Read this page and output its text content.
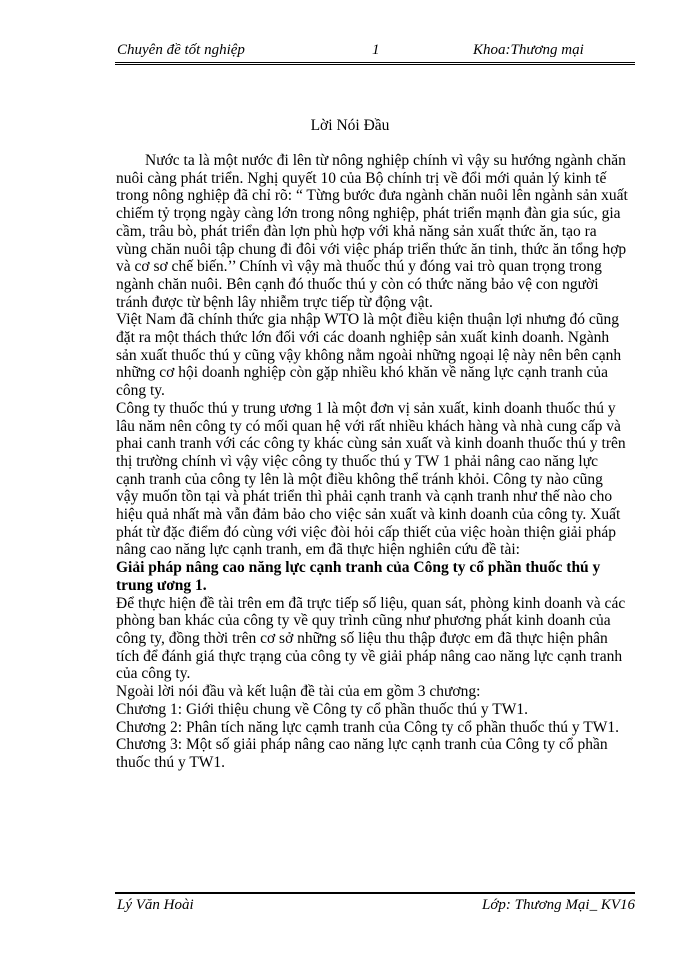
Chuyên đề tốt nghiệp	1	Khoa:Thương mại
Lời Nói Đầu

Nước ta là một nước đi lên từ nông nghiệp chính vì vậy su hướng ngành chăn nuôi càng phát triển. Nghị quyết 10 của Bộ chính trị về đổi mới quản lý kinh tế trong nông nghiệp đã chỉ rõ: “ Từng bước đưa ngành chăn nuôi lên ngành sản xuất chiếm tỷ trọng ngày càng lớn trong nông nghiệp, phát triển mạnh đàn gia súc, gia cầm, trâu bò, phát triển đàn lợn phù hợp với khả năng sản xuất thức ăn, tạo ra vùng chăn nuôi tập chung đi đôi với việc pháp triển thức ăn tinh, thức ăn tổng hợp và cơ sơ chế biến.’’ Chính vì vậy mà thuốc thú y đóng vai trò quan trọng trong ngành chăn nuôi. Bên cạnh đó thuốc thú y còn có thức năng bảo vệ con người tránh được từ bệnh lây nhiễm trực tiếp từ động vật.

Việt Nam đã chính thức gia nhập WTO là một điều kiện thuận lợi nhưng đó cũng đặt ra một thách thức lớn đối với các doanh nghiệp sản xuất kinh doanh. Ngành sản xuất thuốc thú y cũng vậy không nằm ngoài những ngoại lệ này nên bên cạnh những cơ hội doanh nghiệp còn gặp nhiều khó khăn về năng lực cạnh tranh của công ty.

Công ty thuốc thú y trung ương 1 là một đơn vị sản xuất, kinh doanh thuốc thú y lâu năm nên công ty có mối quan hệ với rất nhiều khách hàng và nhà cung cấp và phai canh tranh với các công ty khác cùng sản xuất và kinh doanh thuốc thú y trên thị trường chính vì vậy việc công ty thuốc thú y TW 1 phải nâng cao năng lực cạnh tranh của công ty lên là một điều không thể tránh khỏi. Công ty nào cũng vậy muốn tồn tại và phát triển thì phải cạnh tranh và cạnh tranh như thế nào cho hiệu quả nhất mà vẫn đảm bảo cho việc sản xuất và kinh doanh của công ty. Xuất phát từ đặc điểm đó cùng với việc đòi hỏi cấp thiết của việc hoàn thiện giải pháp nâng cao năng lực cạnh tranh, em đã thực hiện nghiên cứu đề tài:

Giải pháp nâng cao năng lực cạnh tranh của Công ty cổ phần thuốc thú y trung ương 1.

Để thực hiện đề tài trên em đã trực tiếp số liệu, quan sát, phòng kinh doanh và các phòng ban khác của công ty về quy trình cũng như phương phát kinh doanh của công ty, đồng thời trên cơ sở những số liệu thu thập được em đã thực hiện phân tích để đánh giá thực trạng của công ty về giải pháp nâng cao năng lực cạnh tranh của công ty.

Ngoài lời nói đầu và kết luận đề tài của em gồm 3 chương:

Chương 1: Giới thiệu chung về Công ty cổ phần thuốc thú y TW1.

Chương 2: Phân tích năng lực cạmh tranh của Công ty cổ phần thuốc thú y TW1.

Chương 3: Một số giải pháp nâng cao năng lực cạnh tranh của Công ty cổ phần thuốc thú y TW1.

Lý Văn Hoài	Lớp: Thương Mại_ KV16
